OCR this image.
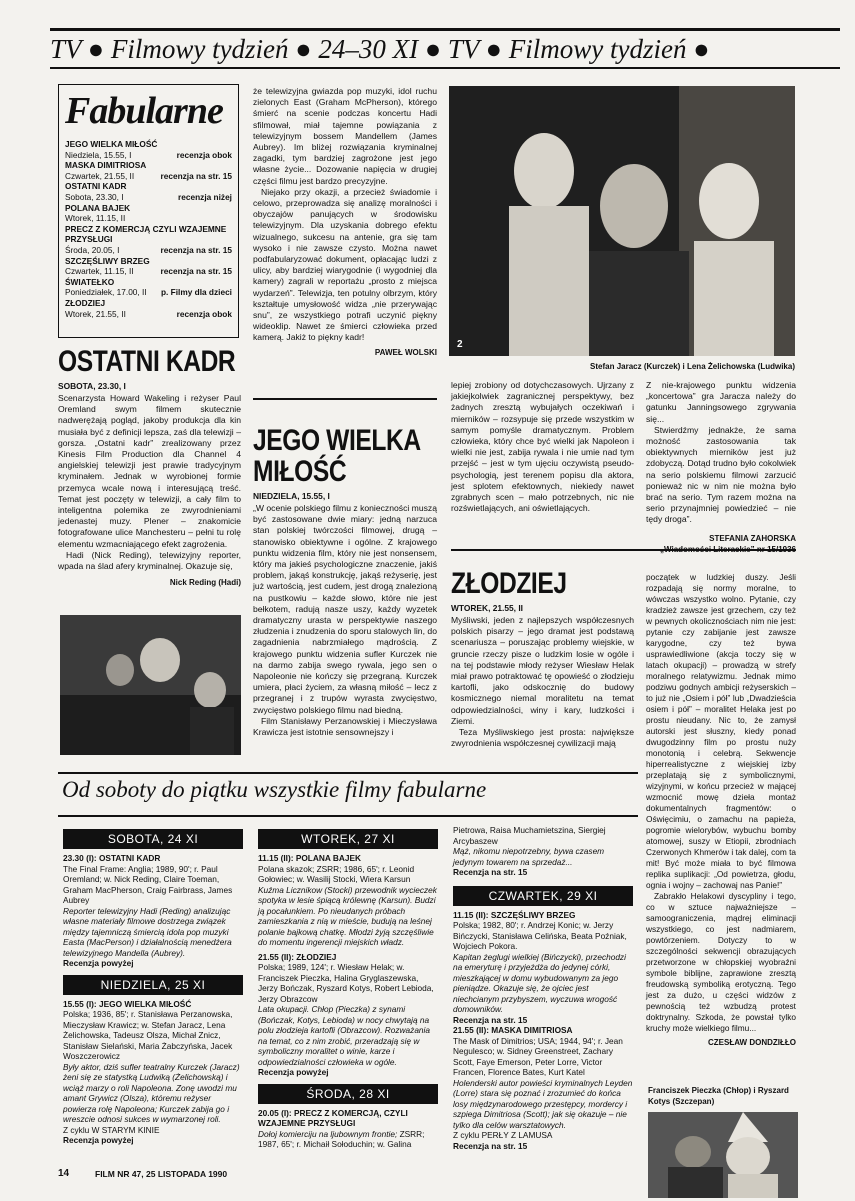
TV ● Filmowy tydzień ● 24–30 XI ● TV ● Filmowy tydzień ●
Fabularne
JEGO WIELKA MIŁOŚĆ
Niedziela, 15.55, I	recenzja obok
MASKA DIMITRIOSA
Czwartek, 21.55, II	recenzja na str. 15
OSTATNI KADR
Sobota, 23.30, I	recenzja niżej
POLANA BAJEK
Wtorek, 11.15, II
PRECZ Z KOMERCJĄ CZYLI WZAJEMNE PRZYSŁUGI
Środa, 20.05, I	recenzja na str. 15
SZCZĘŚLIWY BRZEG
Czwartek, 11.15, II	recenzja na str. 15
ŚWIATEŁKO
Poniedziałek, 17.00, II p. Filmy dla dzieci
ZŁODZIEJ
Wtorek, 21.55, II	recenzja obok
OSTATNI KADR
SOBOTA, 23.30, I

Scenarzysta Howard Wakeling i reżyser Paul Oremland swym filmem skutecznie nadwerężają pogląd, jakoby produkcja dla kin musiała być z definicji lepsza, zaś dla telewizji – gorsza. „Ostatni kadr” zrealizowany przez Kinesis Film Production dla Channel 4 angielskiej telewizji jest prawie tradycyjnym kryminałem. Jednak w wyrobionej formie przemyca wcale nową i interesującą treść. Temat jest poczęty w telewizji, a cały film to inteligentna polemika ze zwyrodnieniami jedenastej muzy. Plener – znakomicie fotografowane ulice Manchesteru – pełni tu rolę elementu wzmacniającego efekt zagrożenia.

Hadi (Nick Reding), telewizyjny reporter, wpada na ślad afery kryminalnej. Okazuje się,

Nick Reding (Hadi)

że telewizyjna gwiazda pop muzyki, idol ruchu zielonych East (Graham McPherson), którego śmierć na scenie podczas koncertu Hadi sfilmował, miał tajemne powiązania z telewizyjnym bossem Mandellem (James Aubrey). Im bliżej rozwiązania kryminalnej zagadki, tym bardziej zagrożone jest jego własne życie... Dozowanie napięcia w drugiej części filmu jest bardzo precyzyjne.

Niejako przy okazji, a przecież świadomie i celowo, przeprowadza się analizę moralności i obyczajów panujących w środowisku telewizyjnym. Dla uzyskania dobrego efektu wizualnego, sukcesu na antenie, gra się tam wysoko i nie zawsze czysto. Można nawet podfabularyzować dokument, opłacając ludzi z ulicy, aby bardziej wiarygodnie (i wygodniej dla kamery) zagrali w reportażu „prosto z miejsca wydarzeń”. Telewizja, ten potulny olbrzym, który kształtuje umysłowość widza „nie przerywając snu”, ze wszystkiego potrafi uczynić piękny wideoklip. Nawet ze śmierci człowieka przed kamerą. Jakiż to piękny kadr!

PAWEŁ WOLSKI
JEGO WIELKA
MIŁOŚĆ
NIEDZIELA, 15.55, I

„W ocenie polskiego filmu z konieczności muszą być zastosowane dwie miary: jedną narzuca stan polskiej twórczości filmowej, drugą – stanowisko obiektywne i ogólne. Z krajowego punktu widzenia film, który nie jest nonsensem, który ma jakieś psychologiczne znaczenie, jakiś problem, jakąś konstrukcję, jakąś reżyserię, jest już wartością, jest cudem, jest drogą znalezioną na pustkowiu – każde słowo, które nie jest bełkotem, radują nasze uszy, każdy wyzetek dramatyczny urasta w perspektywie naszego złudzenia i znudzenia do sporu stalowych lin, do zagadnienia nabrzmiałego mądrością. Z krajowego punktu widzenia sufler Kurczek nie na darmo zabija swego rywala, jego sen o Napoleonie nie kończy się przegraną. Kurczek umiera, płaci życiem, za własną miłość – lecz z przegranej i z trupów wyrasta zwycięstwo, zwycięstwo polskiego filmu nad biedną.

Film Stanisławy Perzanowskiej i Mieczysława Krawicza jest istotnie sensownejszy i

2
Stefan Jaracz (Kurczek) i Lena Żelichowska (Ludwika)

lepiej zrobiony od dotychczasowych. Ujrzany z jakiejkolwiek zagranicznej perspektywy, bez żadnych zresztą wybujałych oczekiwań i mierników – rozsypuje się przede wszystkim w samym pomyśle dramatycznym. Problem człowieka, który chce być wielki jak Napoleon i wielki nie jest, zabija rywala i nie umie nad tym przejść – jest w tym ujęciu oczywistą pseudo-psychologią, jest terenem popisu dla aktora, jest splotem efektownych, niekiedy nawet zgrabnych scen – mało potrzebnych, nic nie rozświetlających, ani oświetlających.

Z nie-krajowego punktu widzenia „koncertowa” gra Jaracza należy do gatunku Janningsowego zgrywania się...

Stwierdźmy jednakże, że sama możność zastosowania tak obiektywnych mierników jest już zdobyczą. Dotąd trudno było cokolwiek na serio polskiemu filmowi zarzucić ponieważ nic w nim nie można było brać na serio. Tym razem można na serio przynajmniej powiedzieć – nie tędy droga”.

STEFANIA ZAHORSKA
ZŁODZIEJ
WTOREK, 21.55, II

Myśliwski, jeden z najlepszych współczesnych polskich pisarzy – jego dramat jest podstawą scenariusza – poruszając problemy wiejskie, w gruncie rzeczy pisze o ludzkim losie w ogóle i na tej podstawie młody reżyser Wiesław Helak miał prawo potraktować tę opowieść o złodzieju kartofli, jako odskocznię do budowy kosmicznego niemal moralitetu na temat odpowiedzialności, winy i kary, ludzkości i Ziemi.

Teza Myśliwskiego jest prosta: największe zwyrodnienia współczesnej cywilizacji mają

początek w ludzkiej duszy. Jeśli rozpadają się normy moralne, to wówczas wszystko wolno. Pytanie, czy kradzież zawsze jest grzechem, czy też w pewnych okolicznościach nim nie jest: pytanie czy zabijanie jest zawsze karygodne, czy też bywa usprawiedliwione (akcja toczy się w latach okupacji) – prowadzą w strefy moralnego relatywizmu. Jednak mimo podziwu godnych ambicji reżyserskich – to już nie „Osiem i pół” lub „Dwadzieścia osiem i pół” – moralitet Helaka jest po prostu nieudany. Nic to, że zamysł autorski jest słuszny, kiedy ponad dwugodzinny film po prostu nuży monotonią i celebrą. Sekwencje hiperrealistyczne z wiejskiej izby przeplatają się z symbolicznymi, wizyjnymi, w końcu przecież w mającej wzmocnić mowę dzieła montaż dokumentalnych fragmentów: o Oświęcimiu, o zamachu na papieża, pogromie wielorybów, wybuchu bomby atomowej, suszy w Etiopii, zbrodniach Czerwonych Khmerów i tak dalej, com ta mit! Być może miała to być filmowa replika suplikacji: „Od powietrza, głodu, ognia i wojny – zachowaj nas Panie!”

Zabrakło Helakowi dyscypliny i tego, co w sztuce najważniejsze – samoograniczenia, mądrej eliminacji wszystkiego, co jest nadmiarem, powtórzeniem. Dotyczy to w szczególności sekwencji obrazujących przetworzone w chłopskiej wyobraźni symbole biblijne, zaprawione zresztą freudowską symboliką erotyczną. Tego jest za dużo, u części widzów z pewnością też wzbudzą protest doktrynalny. Szkoda, że powstał tylko kruchy może wielkiego filmu...

CZESŁAW DONDZIŁŁO
Franciszek Pieczka (Chłop) i Ryszard Kotys (Szczepan)
Od soboty do piątku wszystkie filmy fabularne
SOBOTA, 24 XI
23.30 (I): OSTATNI KADR
The Final Frame: Anglia; 1989, 90'; r. Paul Oremland; w. Nick Reding, Claire Toeman, Graham MacPherson, Craig Fairbrass, James Aubrey
Reporter telewizyjny Hadi (Reding) analizując własne materiały filmowe dostrzega związek między tajemniczą śmiercią idola pop muzyki Easta (MacPerson) i działalnością menedżera telewizyjnego Mandella (Aubrey).
Recenzja powyżej
NIEDZIELA, 25 XI
15.55 (I): JEGO WIELKA MIŁOŚĆ
Polska; 1936, 85'; r. Stanisława Perzanowska, Mieczysław Krawicz; w. Stefan Jaracz, Lena Żelichowska, Tadeusz Olsza, Michał Znicz, Stanisław Sielański, Maria Żabczyńska, Jacek Woszczerowicz
Były aktor, dziś sufler teatralny Kurczek (Jaracz) żeni się ze statystką Ludwiką (Żelichowską) i wciąż marzy o roli Napoleona. Zonę uwodzi mu amant Grywicz (Olsza), któremu reżyser powierza rolę Napoleona; Kurczek zabija go i wreszcie odnosi sukces w wymarzonej roli.
Z cyklu W STARYM KINIE
Recenzja powyżej
WTOREK, 27 XI
11.15 (II): POLANA BAJEK
Polana skazok; ZSRR; 1986, 65'; r. Leonid Gołowiec; w. Wasilij Stocki, Wiera Karsun
Kuźma Licznikow (Stocki) przewodnik wycieczek spotyka w lesie śpiącą królewnę (Karsun). Budzi ją pocałunkiem. Po nieudanych próbach zamieszkania z nią w mieście, budują na leśnej polanie bajkową chatkę. Młodzi żyją szczęśliwie do momentu ingerencji miejskich władz.
21.55 (II): ZŁODZIEJ
Polska; 1989, 124'; r. Wiesław Helak; w. Franciszek Pieczka, Halina Gryglaszewska, Jerzy Bończak, Ryszard Kotys, Robert Lebioda, Jerzy Obrazcow
Lata okupacji. Chłop (Pieczka) z synami (Bończak, Kotys, Lebioda) w nocy chwytają na polu złodzieja kartofli (Obrazcow). Rozważania na temat, co z nim zrobić, przeradzają się w symboliczny moralitet o winie, karze i odpowiedzialności człowieka w ogóle.
Recenzja powyżej
ŚRODA, 28 XI
20.05 (I): PRECZ Z KOMERCJĄ, CZYLI WZAJEMNE PRZYSŁUGI
Dołoj komierciju na ljubownym frontie; ZSRR; 1987, 65'; r. Michaił Sołoduchin; w. Galina
Pietrowa, Raisa Muchamietszina, Siergiej Arcybaszew
Mąż, nikomu niepotrzebny, bywa czasem jedynym towarem na sprzedaż...
Recenzja na str. 15
CZWARTEK, 29 XI
11.15 (II): SZCZĘŚLIWY BRZEG
Polska; 1982, 80'; r. Andrzej Konic; w. Jerzy Bińczycki, Stanisława Celińska, Beata Poźniak, Wojciech Pokora.
Kapitan żeglugi wielkiej (Bińczycki), przechodzi na emeryturę i przyjeżdża do jedynej córki, mieszkającej w domu wybudowanym za jego pieniądze. Okazuje się, że ojciec jest niechcianym przybyszem, wyczuwa wrogość domowników.
Recenzja na str. 15
21.55 (II): MASKA DIMITRIOSA
The Mask of Dimitrios; USA; 1944, 94'; r. Jean Negulesco; w. Sidney Greenstreet, Zachary Scott, Faye Emerson, Peter Lorre, Victor Francen, Florence Bates, Kurt Katel
Holenderski autor powieści kryminalnych Leyden (Lorre) stara się poznać i zrozumieć do końca losy międzynarodowego przestępcy, mordercy i szpiega Dimitriosa (Scott); jak się okazuje – nie tylko dla celów warsztatowych.
Z cyklu PERŁY Z LAMUSA
Recenzja na str. 15
14	FILM NR 47, 25 LISTOPADA 1990
